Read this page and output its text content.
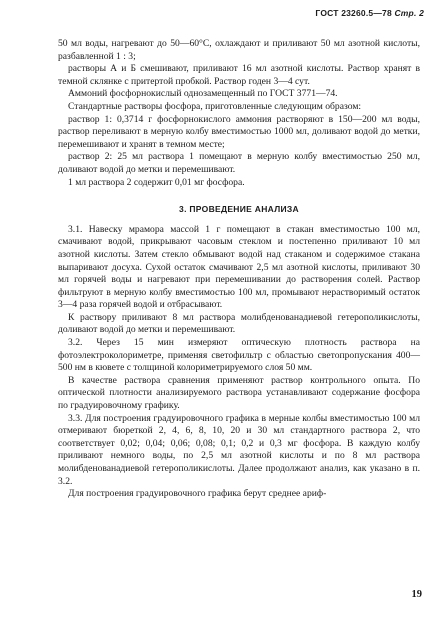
ГОСТ 23260.5—78 Стр. 2

50 мл воды, нагревают до 50—60°С, охлаждают и приливают 50 мл азотной кислоты, разбавленной 1 : 3;

растворы А и Б смешивают, приливают 16 мл азотной кислоты. Раствор хранят в темной склянке с притертой пробкой. Раствор годен 3—4 сут.

Аммоний фосфорнокислый однозамещенный по ГОСТ 3771—74.

Стандартные растворы фосфора, приготовленные следующим образом:

раствор 1: 0,3714 г фосфорнокислого аммония растворяют в 150—200 мл воды, раствор переливают в мерную колбу вместимостью 1000 мл, доливают водой до метки, перемешивают и хранят в темном месте;

раствор 2: 25 мл раствора 1 помещают в мерную колбу вместимостью 250 мл, доливают водой до метки и перемешивают.

1 мл раствора 2 содержит 0,01 мг фосфора.

3. ПРОВЕДЕНИЕ АНАЛИЗА

3.1. Навеску мрамора массой 1 г помещают в стакан вместимостью 100 мл, смачивают водой, прикрывают часовым стеклом и постепенно приливают 10 мл азотной кислоты. Затем стекло обмывают водой над стаканом и содержимое стакана выпаривают досуха. Сухой остаток смачивают 2,5 мл азотной кислоты, приливают 30 мл горячей воды и нагревают при перемешивании до растворения солей. Раствор фильтруют в мерную колбу вместимостью 100 мл, промывают нерастворимый остаток 3—4 раза горячей водой и отбрасывают.

К раствору приливают 8 мл раствора молибденованадиевой гетерополикислоты, доливают водой до метки и перемешивают.

3.2. Через 15 мин измеряют оптическую плотность раствора на фотоэлектроколориметре, применяя светофильтр с областью светопропускания 400—500 нм в кювете с толщиной колориметрируемого слоя 50 мм.

В качестве раствора сравнения применяют раствор контрольного опыта. По оптической плотности анализируемого раствора устанавливают содержание фосфора по градуировочному графику.

3.3. Для построения градуировочного графика в мерные колбы вместимостью 100 мл отмеривают бюреткой 2, 4, 6, 8, 10, 20 и 30 мл стандартного раствора 2, что соответствует 0,02; 0,04; 0,06; 0,08; 0,1; 0,2 и 0,3 мг фосфора. В каждую колбу приливают немного воды, по 2,5 мл азотной кислоты и по 8 мл раствора молибденованадиевой гетерополикислоты. Далее продолжают анализ, как указано в п. 3.2.

Для построения градуировочного графика берут среднее ариф-

19
